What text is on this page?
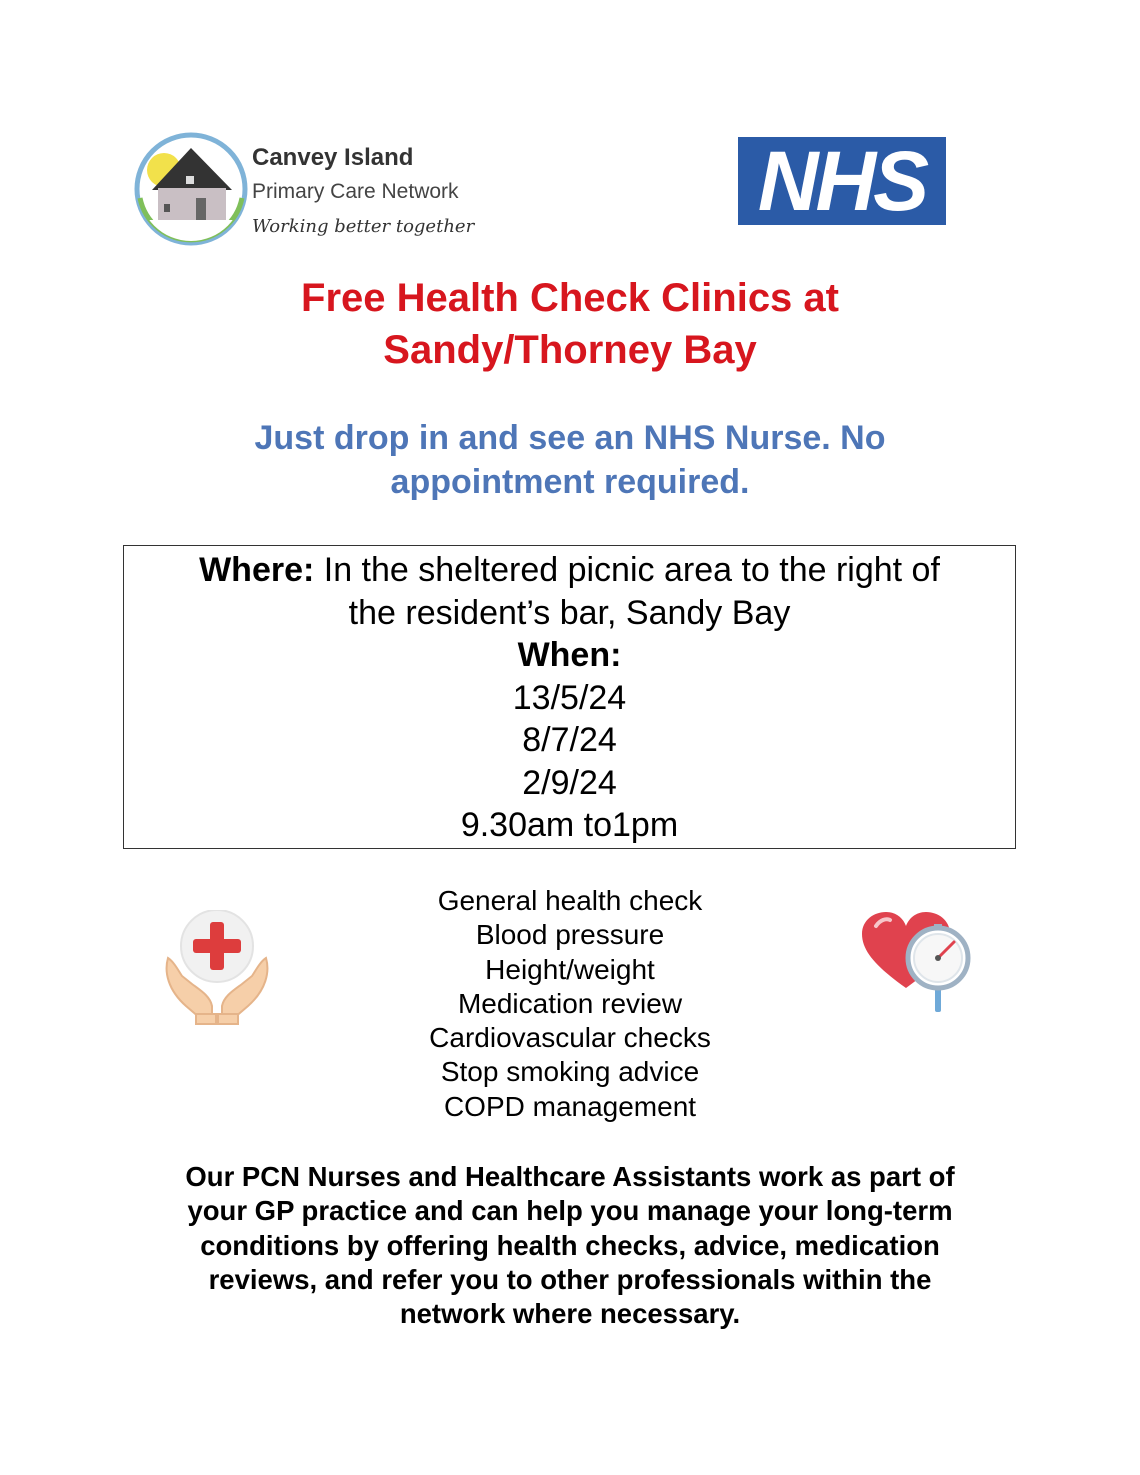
Canvey Island
Primary Care Network
Working better together	NHS
Free Health Check Clinics at
Sandy/Thorney Bay
Just drop in and see an NHS Nurse. No
appointment required.
Where: In the sheltered picnic area to the right of
the resident’s bar, Sandy Bay
When:
13/5/24
8/7/24
2/9/24
9.30am to1pm
General health check
Blood pressure
Height/weight
Medication review
Cardiovascular checks
Stop smoking advice
COPD management
Our PCN Nurses and Healthcare Assistants work as part of
your GP practice and can help you manage your long-term
conditions by offering health checks, advice, medication
reviews, and refer you to other professionals within the
network where necessary.
